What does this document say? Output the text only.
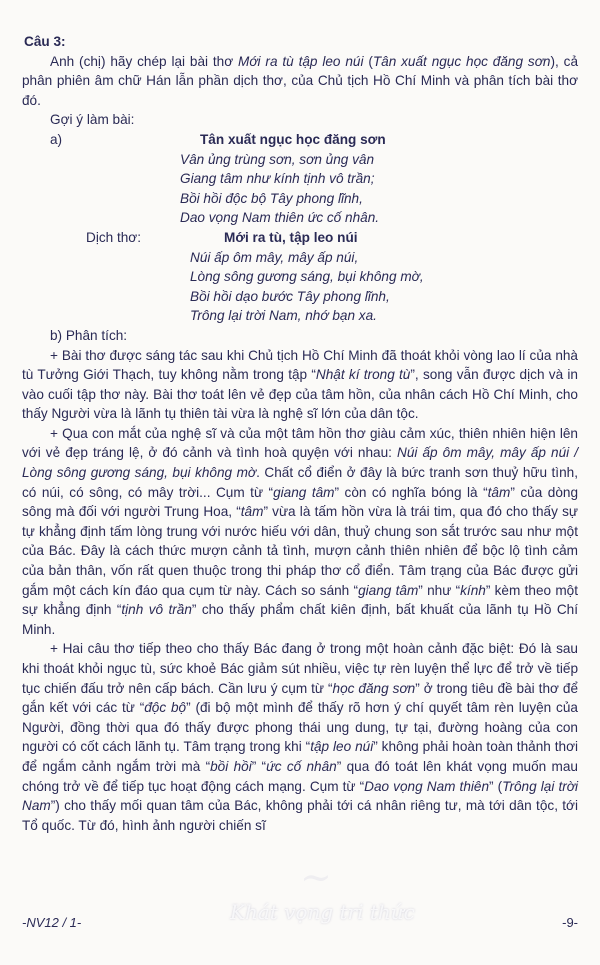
Câu 3:

Anh (chị) hãy chép lại bài thơ Mới ra tù tập leo núi (Tân xuất ngục học đăng sơn), cả phân phiên âm chữ Hán lẫn phần dịch thơ, của Chủ tịch Hồ Chí Minh và phân tích bài thơ đó.

Gợi ý làm bài:
a)	Tân xuất ngục học đăng sơn
Vân ủng trùng sơn, sơn ủng vân
Giang tâm như kính tịnh vô trần;
Bồi hồi độc bộ Tây phong lĩnh,
Dao vọng Nam thiên ức cố nhân.
Dịch thơ:	Mới ra tù, tập leo núi
Núi ấp ôm mây, mây ấp núi,
Lòng sông gương sáng, bụi không mờ,
Bồi hồi dạo bước Tây phong lĩnh,
Trông lại trời Nam, nhớ bạn xa.
b) Phân tích:

+ Bài thơ được sáng tác sau khi Chủ tịch Hồ Chí Minh đã thoát khỏi vòng lao lí của nhà tù Tưởng Giới Thạch, tuy không nằm trong tập “Nhật kí trong tù”, song vẫn được dịch và in vào cuối tập thơ này. Bài thơ toát lên vẻ đẹp của tâm hồn, của nhân cách Hồ Chí Minh, cho thấy Người vừa là lãnh tụ thiên tài vừa là nghệ sĩ lớn của dân tộc.

+ Qua con mắt của nghệ sĩ và của một tâm hồn thơ giàu cảm xúc, thiên nhiên hiện lên với vẻ đẹp tráng lệ, ở đó cảnh và tình hoà quyện với nhau: Núi ấp ôm mây, mây ấp núi / Lòng sông gương sáng, bụi không mờ. Chất cổ điển ở đây là bức tranh sơn thuỷ hữu tình, có núi, có sông, có mây trời... Cụm từ “giang tâm” còn có nghĩa bóng là “tâm” của dòng sông mà đối với người Trung Hoa, “tâm” vừa là tấm hồn vừa là trái tim, qua đó cho thấy sự tự khẳng định tấm lòng trung với nước hiếu với dân, thuỷ chung son sắt trước sau như một của Bác. Đây là cách thức mượn cảnh tả tình, mượn cảnh thiên nhiên để bộc lộ tình cảm của bản thân, vốn rất quen thuộc trong thi pháp thơ cổ điển. Tâm trạng của Bác được gửi gắm một cách kín đáo qua cụm từ này. Cách so sánh “giang tâm” như “kính” kèm theo một sự khẳng định “tịnh vô trần” cho thấy phẩm chất kiên định, bất khuất của lãnh tụ Hồ Chí Minh.

+ Hai câu thơ tiếp theo cho thấy Bác đang ở trong một hoàn cảnh đặc biệt: Đó là sau khi thoát khỏi ngục tù, sức khoẻ Bác giảm sút nhiều, việc tự rèn luyện thể lực để trở về tiếp tục chiến đấu trở nên cấp bách. Cần lưu ý cụm từ “học đăng sơn” ở trong tiêu đề bài thơ để gắn kết với các từ “độc bộ” (đi bộ một mình để thấy rõ hơn ý chí quyết tâm rèn luyện của Người, đồng thời qua đó thấy được phong thái ung dung, tự tại, đường hoàng của con người có cốt cách lãnh tụ. Tâm trạng trong khi “tập leo núi” không phải hoàn toàn thảnh thơi để ngắm cảnh ngắm trời mà “bồi hồi” “ức cố nhân” qua đó toát lên khát vọng muốn mau chóng trở về để tiếp tục hoạt động cách mạng. Cụm từ “Dao vọng Nam thiên” (Trông lại trời Nam”) cho thấy mối quan tâm của Bác, không phải tới cá nhân riêng tư, mà tới dân tộc, tới Tổ quốc. Từ đó, hình ảnh người chiến sĩ

~
Khát vọng tri thức
-NV12 / 1-	-9-
